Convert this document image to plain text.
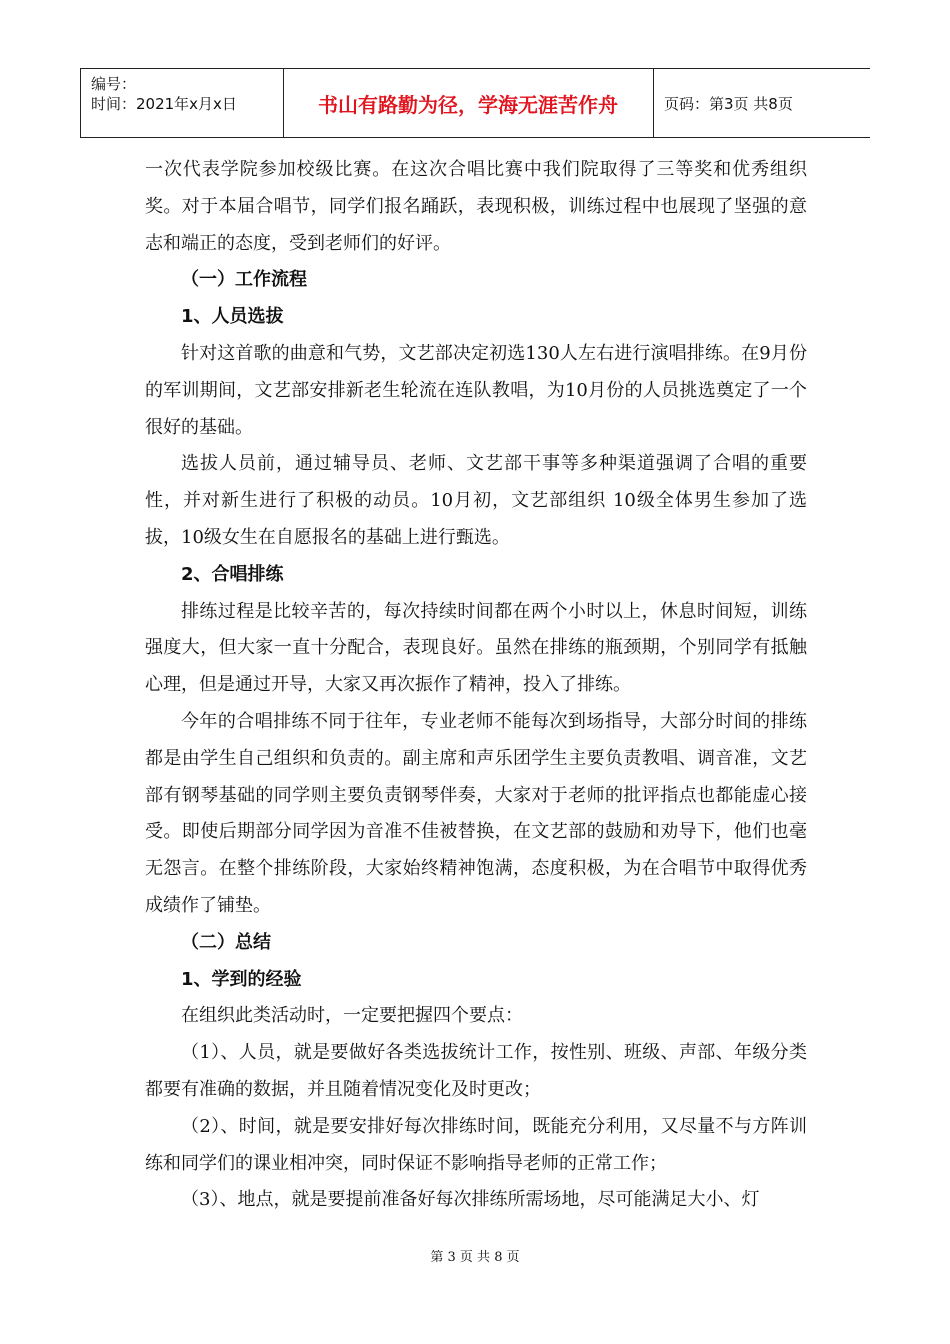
编号：
时间：2021年x月x日	书山有路勤为径，学海无涯苦作舟	页码：第3页 共8页

一次代表学院参加校级比赛。在这次合唱比赛中我们院取得了三等奖和优秀组织奖。对于本届合唱节，同学们报名踊跃，表现积极，训练过程中也展现了坚强的意志和端正的态度，受到老师们的好评。

（一）工作流程

1、人员选拔

针对这首歌的曲意和气势，文艺部决定初选130人左右进行演唱排练。在9月份的军训期间，文艺部安排新老生轮流在连队教唱，为10月份的人员挑选奠定了一个很好的基础。

选拔人员前，通过辅导员、老师、文艺部干事等多种渠道强调了合唱的重要性，并对新生进行了积极的动员。10月初，文艺部组织 10级全体男生参加了选拔，10级女生在自愿报名的基础上进行甄选。

2、合唱排练

排练过程是比较辛苦的，每次持续时间都在两个小时以上，休息时间短，训练强度大，但大家一直十分配合，表现良好。虽然在排练的瓶颈期，个别同学有抵触心理，但是通过开导，大家又再次振作了精神，投入了排练。

今年的合唱排练不同于往年，专业老师不能每次到场指导，大部分时间的排练都是由学生自己组织和负责的。副主席和声乐团学生主要负责教唱、调音准，文艺部有钢琴基础的同学则主要负责钢琴伴奏，大家对于老师的批评指点也都能虚心接受。即使后期部分同学因为音准不佳被替换，在文艺部的鼓励和劝导下，他们也毫无怨言。在整个排练阶段，大家始终精神饱满，态度积极，为在合唱节中取得优秀成绩作了铺垫。

（二）总结

1、学到的经验

在组织此类活动时，一定要把握四个要点：

（1）、人员，就是要做好各类选拔统计工作，按性别、班级、声部、年级分类都要有准确的数据，并且随着情况变化及时更改；

（2）、时间，就是要安排好每次排练时间，既能充分利用，又尽量不与方阵训练和同学们的课业相冲突，同时保证不影响指导老师的正常工作；

（3）、地点，就是要提前准备好每次排练所需场地，尽可能满足大小、灯

第 3 页 共 8 页
